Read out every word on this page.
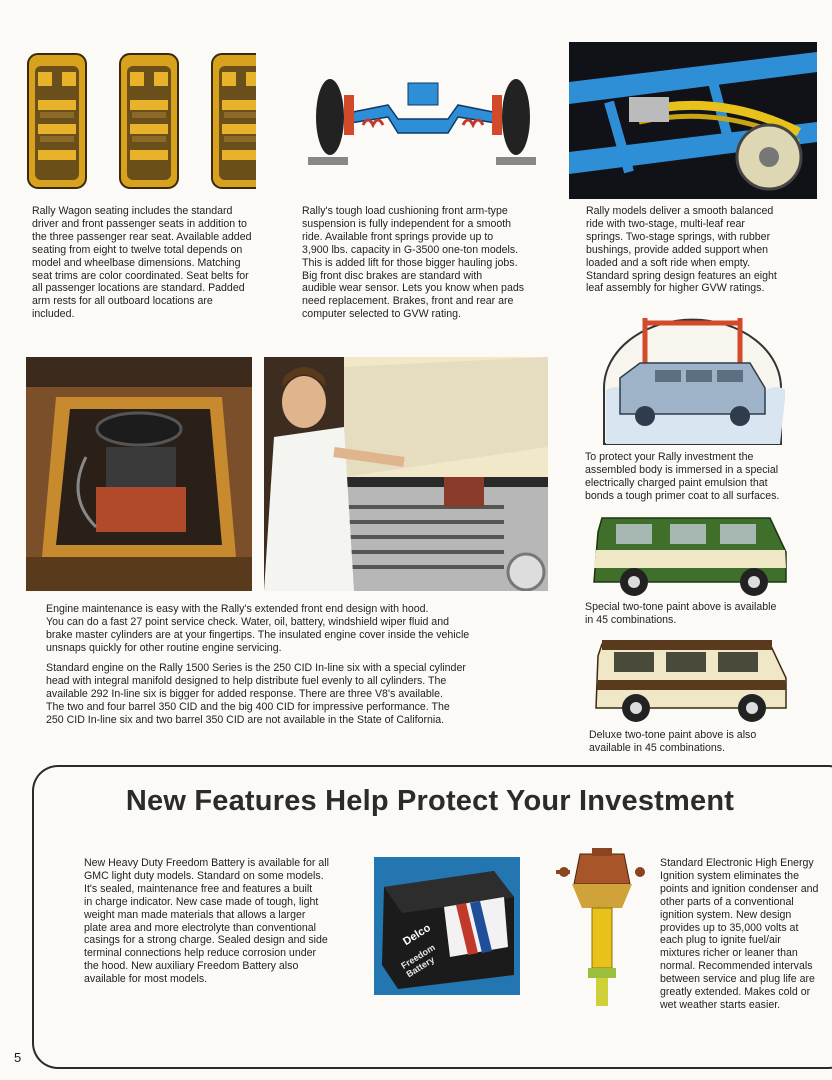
Rally Wagon seating includes the standard
driver and front passenger seats in addition to
the three passenger rear seat. Available added
seating from eight to twelve total depends on
model and wheelbase dimensions. Matching
seat trims are color coordinated. Seat belts for
all passenger locations are standard. Padded
arm rests for all outboard locations are
included.
Rally's tough load cushioning front arm-type
suspension is fully independent for a smooth
ride. Available front springs provide up to
3,900 lbs. capacity in G-3500 one-ton models.
This is added lift for those bigger hauling jobs.
Big front disc brakes are standard with
audible wear sensor. Lets you know when pads
need replacement. Brakes, front and rear are
computer selected to GVW rating.
Rally models deliver a smooth balanced
ride with two-stage, multi-leaf rear
springs. Two-stage springs, with rubber
bushings, provide added support when
loaded and a soft ride when empty.
Standard spring design features an eight
leaf assembly for higher GVW ratings.
To protect your Rally investment the
assembled body is immersed in a special
electrically charged paint emulsion that
bonds a tough primer coat to all surfaces.
Special two-tone paint above is available
in 45 combinations.
Deluxe two-tone paint above is also
available in 45 combinations.
Engine maintenance is easy with the Rally's extended front end design with hood.
You can do a fast 27 point service check. Water, oil, battery, windshield wiper fluid and
brake master cylinders are at your fingertips. The insulated engine cover inside the vehicle
unsnaps quickly for other routine engine servicing.
Standard engine on the Rally 1500 Series is the 250 CID In-line six with a special cylinder
head with integral manifold designed to help distribute fuel evenly to all cylinders. The
available 292 In-line six is bigger for added response. There are three V8's available.
The two and four barrel 350 CID and the big 400 CID for impressive performance. The
250 CID In-line six and two barrel 350 CID are not available in the State of California.
New Features Help Protect Your Investment
New Heavy Duty Freedom Battery is available for all
GMC light duty models. Standard on some models.
It's sealed, maintenance free and features a built
in charge indicator. New case made of tough, light
weight man made materials that allows a larger
plate area and more electrolyte than conventional
casings for a strong charge. Sealed design and side
terminal connections help reduce corrosion under
the hood. New auxiliary Freedom Battery also
available for most models.
Delco
Freedom Battery
Standard Electronic High Energy
Ignition system eliminates the
points and ignition condenser and
other parts of a conventional
ignition system. New design
provides up to 35,000 volts at
each plug to ignite fuel/air
mixtures richer or leaner than
normal. Recommended intervals
between service and plug life are
greatly extended. Makes cold or
wet weather starts easier.
5
